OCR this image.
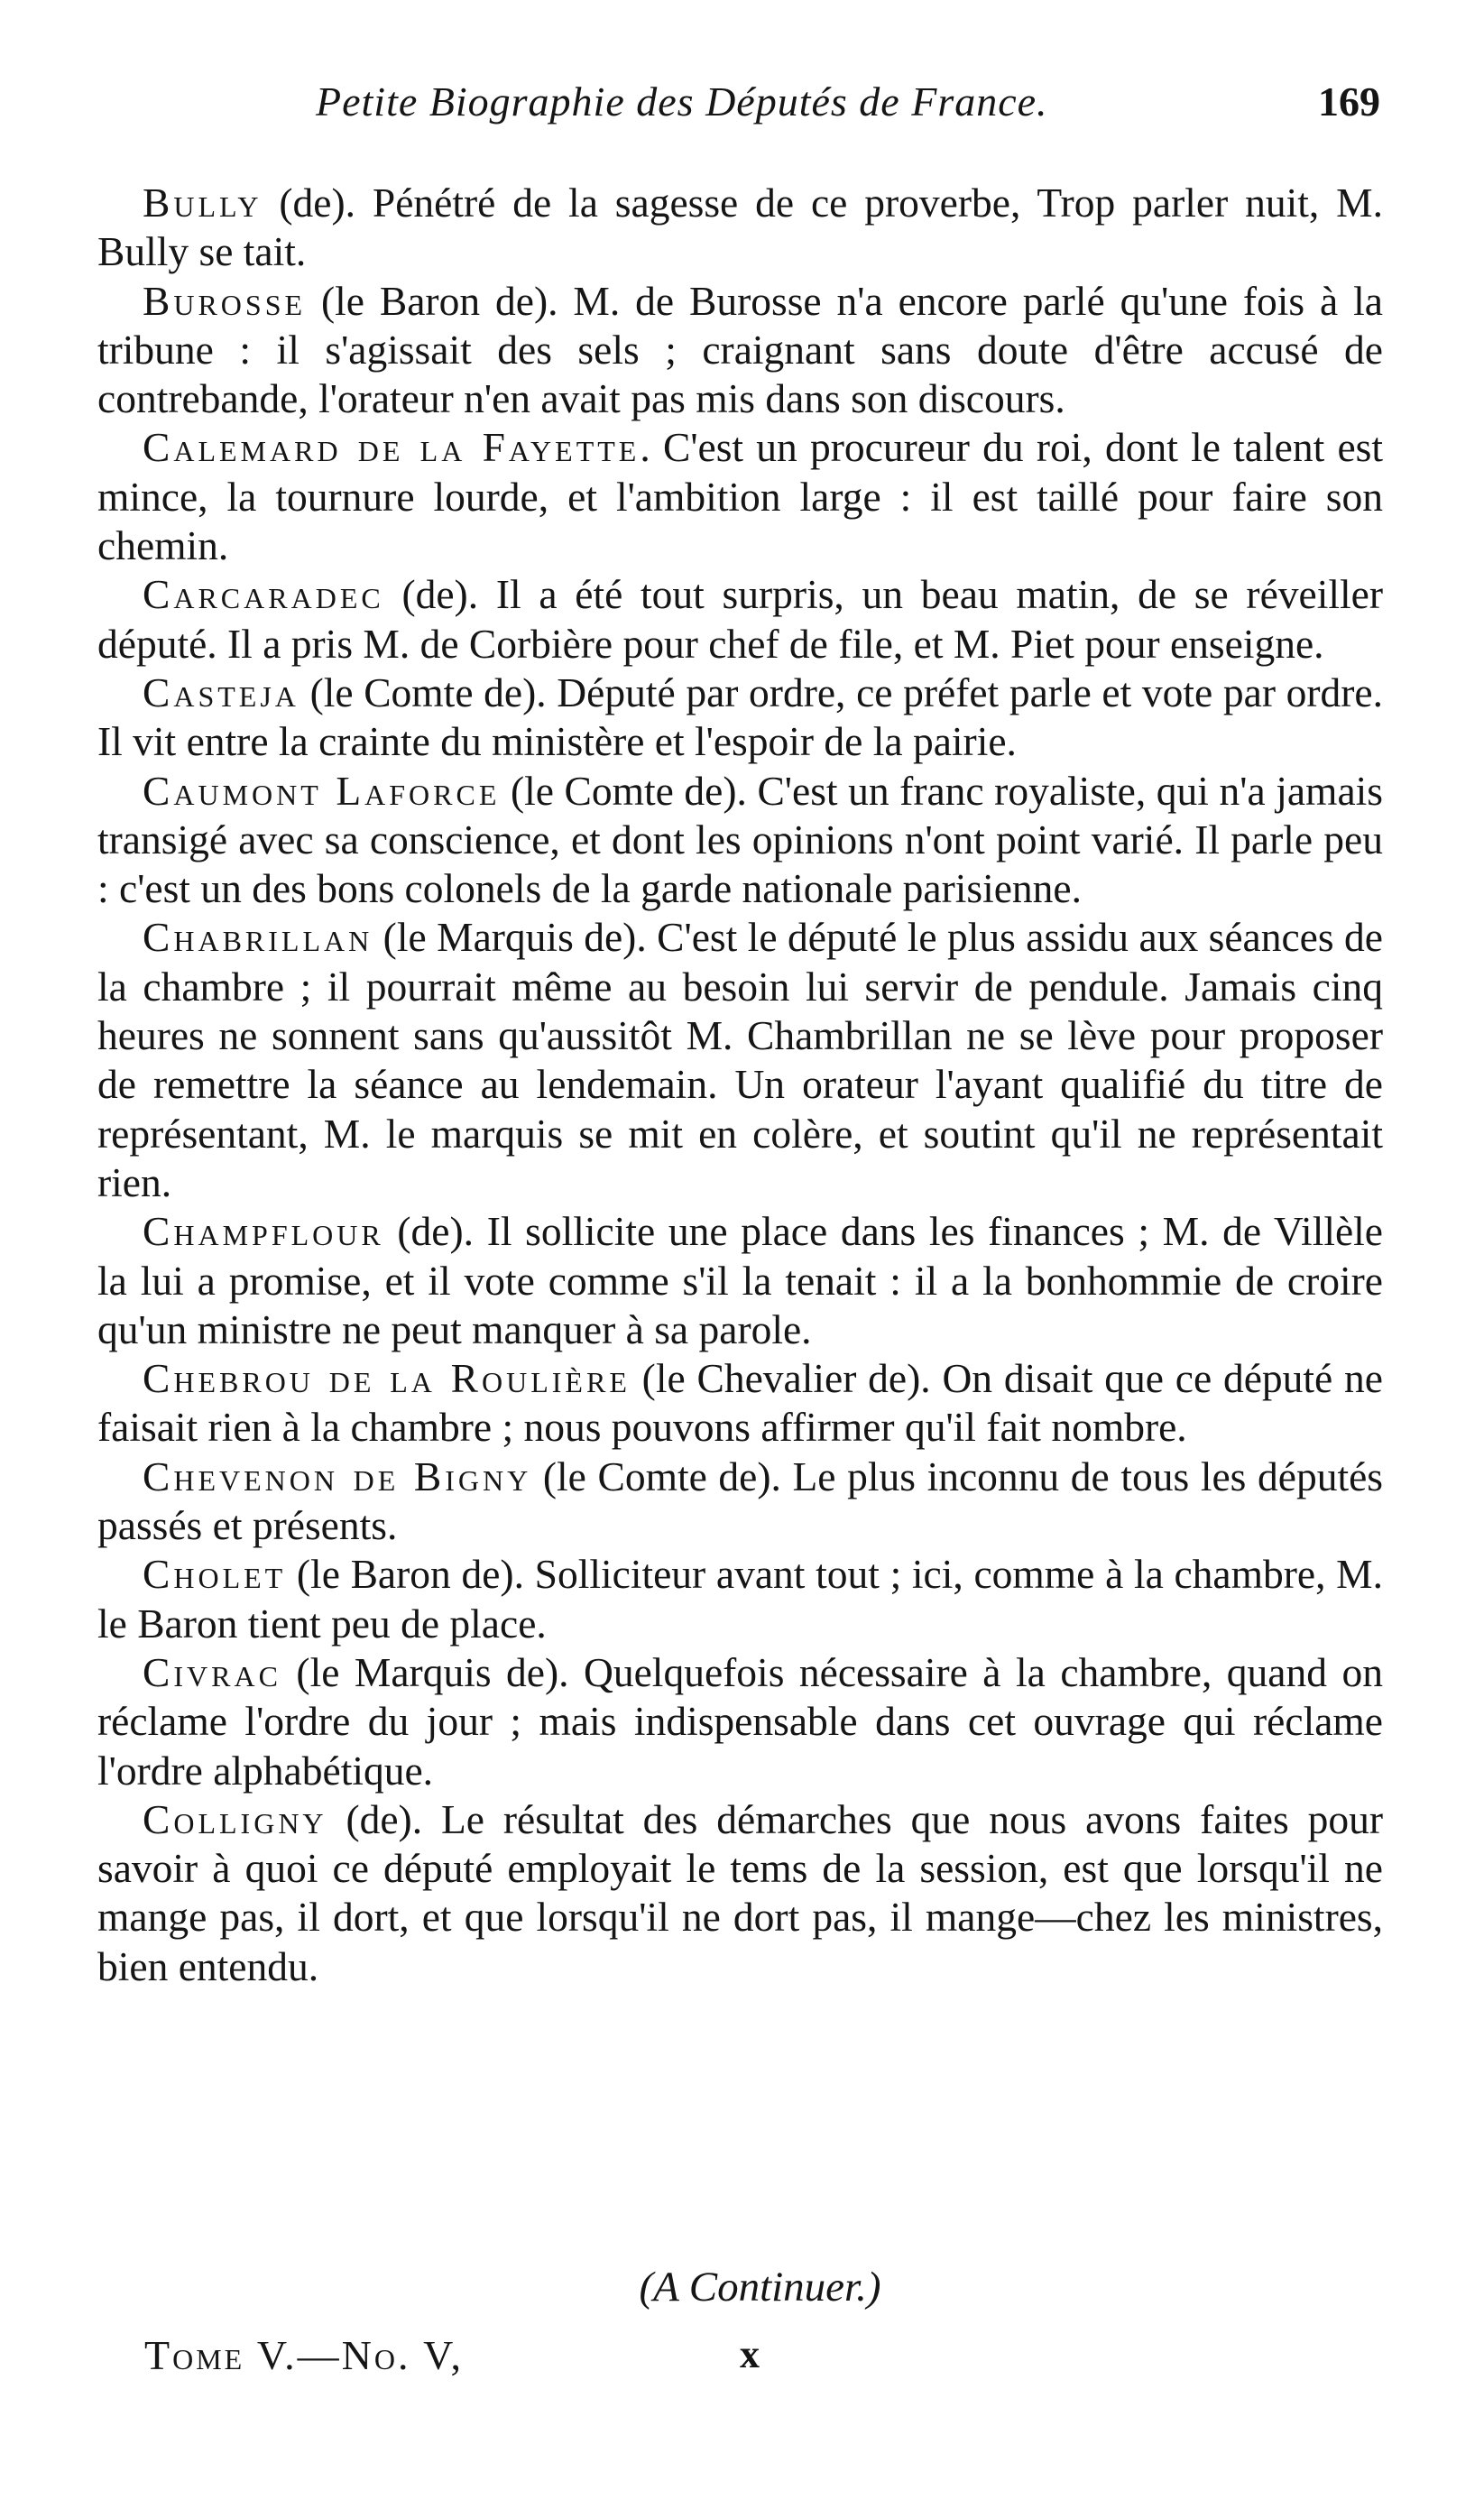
Petite Biographie des Députés de France.	169

Bully (de). Pénétré de la sagesse de ce proverbe, Trop parler nuit, M. Bully se tait.

Burosse (le Baron de). M. de Burosse n'a encore parlé qu'une fois à la tribune : il s'agissait des sels ; craignant sans doute d'être accusé de contrebande, l'orateur n'en avait pas mis dans son discours.

Calemard de la Fayette. C'est un procureur du roi, dont le talent est mince, la tournure lourde, et l'ambition large : il est taillé pour faire son chemin.

Carcaradec (de). Il a été tout surpris, un beau matin, de se réveiller député. Il a pris M. de Corbière pour chef de file, et M. Piet pour enseigne.

Casteja (le Comte de). Député par ordre, ce préfet parle et vote par ordre. Il vit entre la crainte du ministère et l'espoir de la pairie.

Caumont Laforce (le Comte de). C'est un franc royaliste, qui n'a jamais transigé avec sa conscience, et dont les opinions n'ont point varié. Il parle peu : c'est un des bons colonels de la garde nationale parisienne.

Chabrillan (le Marquis de). C'est le député le plus assidu aux séances de la chambre ; il pourrait même au besoin lui servir de pendule. Jamais cinq heures ne sonnent sans qu'aussitôt M. Chambrillan ne se lève pour proposer de remettre la séance au lendemain. Un orateur l'ayant qualifié du titre de représentant, M. le marquis se mit en colère, et soutint qu'il ne représentait rien.

Champflour (de). Il sollicite une place dans les finances ; M. de Villèle la lui a promise, et il vote comme s'il la tenait : il a la bonhommie de croire qu'un ministre ne peut manquer à sa parole.

Chebrou de la Roulière (le Chevalier de). On disait que ce député ne faisait rien à la chambre ; nous pouvons affirmer qu'il fait nombre.

Chevenon de Bigny (le Comte de). Le plus inconnu de tous les députés passés et présents.

Cholet (le Baron de). Solliciteur avant tout ; ici, comme à la chambre, M. le Baron tient peu de place.

Civrac (le Marquis de). Quelquefois nécessaire à la chambre, quand on réclame l'ordre du jour ; mais indispensable dans cet ouvrage qui réclame l'ordre alphabétique.

Colligny (de). Le résultat des démarches que nous avons faites pour savoir à quoi ce député employait le tems de la session, est que lorsqu'il ne mange pas, il dort, et que lorsqu'il ne dort pas, il mange—chez les ministres, bien entendu.

(A Continuer.)
Tome V.—No. V,	x
